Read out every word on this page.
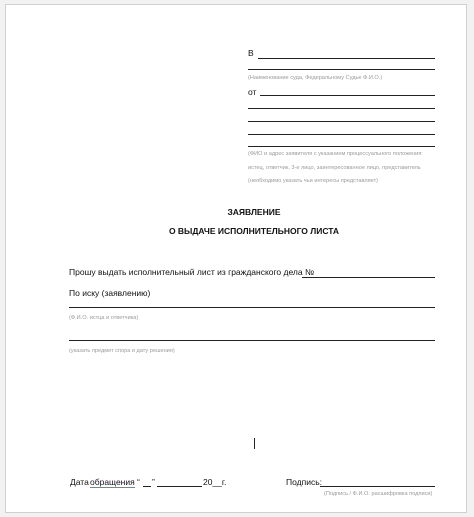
В
(Наименование суда, Федеральному Судье Ф.И.О.)
от
(ФИО и адрес заявителя с указанием процессуального положения:
истец, ответчик, 3-е лицо, заинтересованное лицо, представитель
(необходимо указать чьи интересы представляет)
ЗАЯВЛЕНИЕ
О ВЫДАЧЕ ИСПОЛНИТЕЛЬНОГО ЛИСТА
Прошу выдать исполнительный лист из гражданского дела №
По иску (заявлению)
(Ф.И.О. истца и ответчика)
(указать предмет спора и дату решения)
Дата обращения “ ”	20__г.	Подпись:
(Подпись / Ф.И.О. расшифровка подписи)
